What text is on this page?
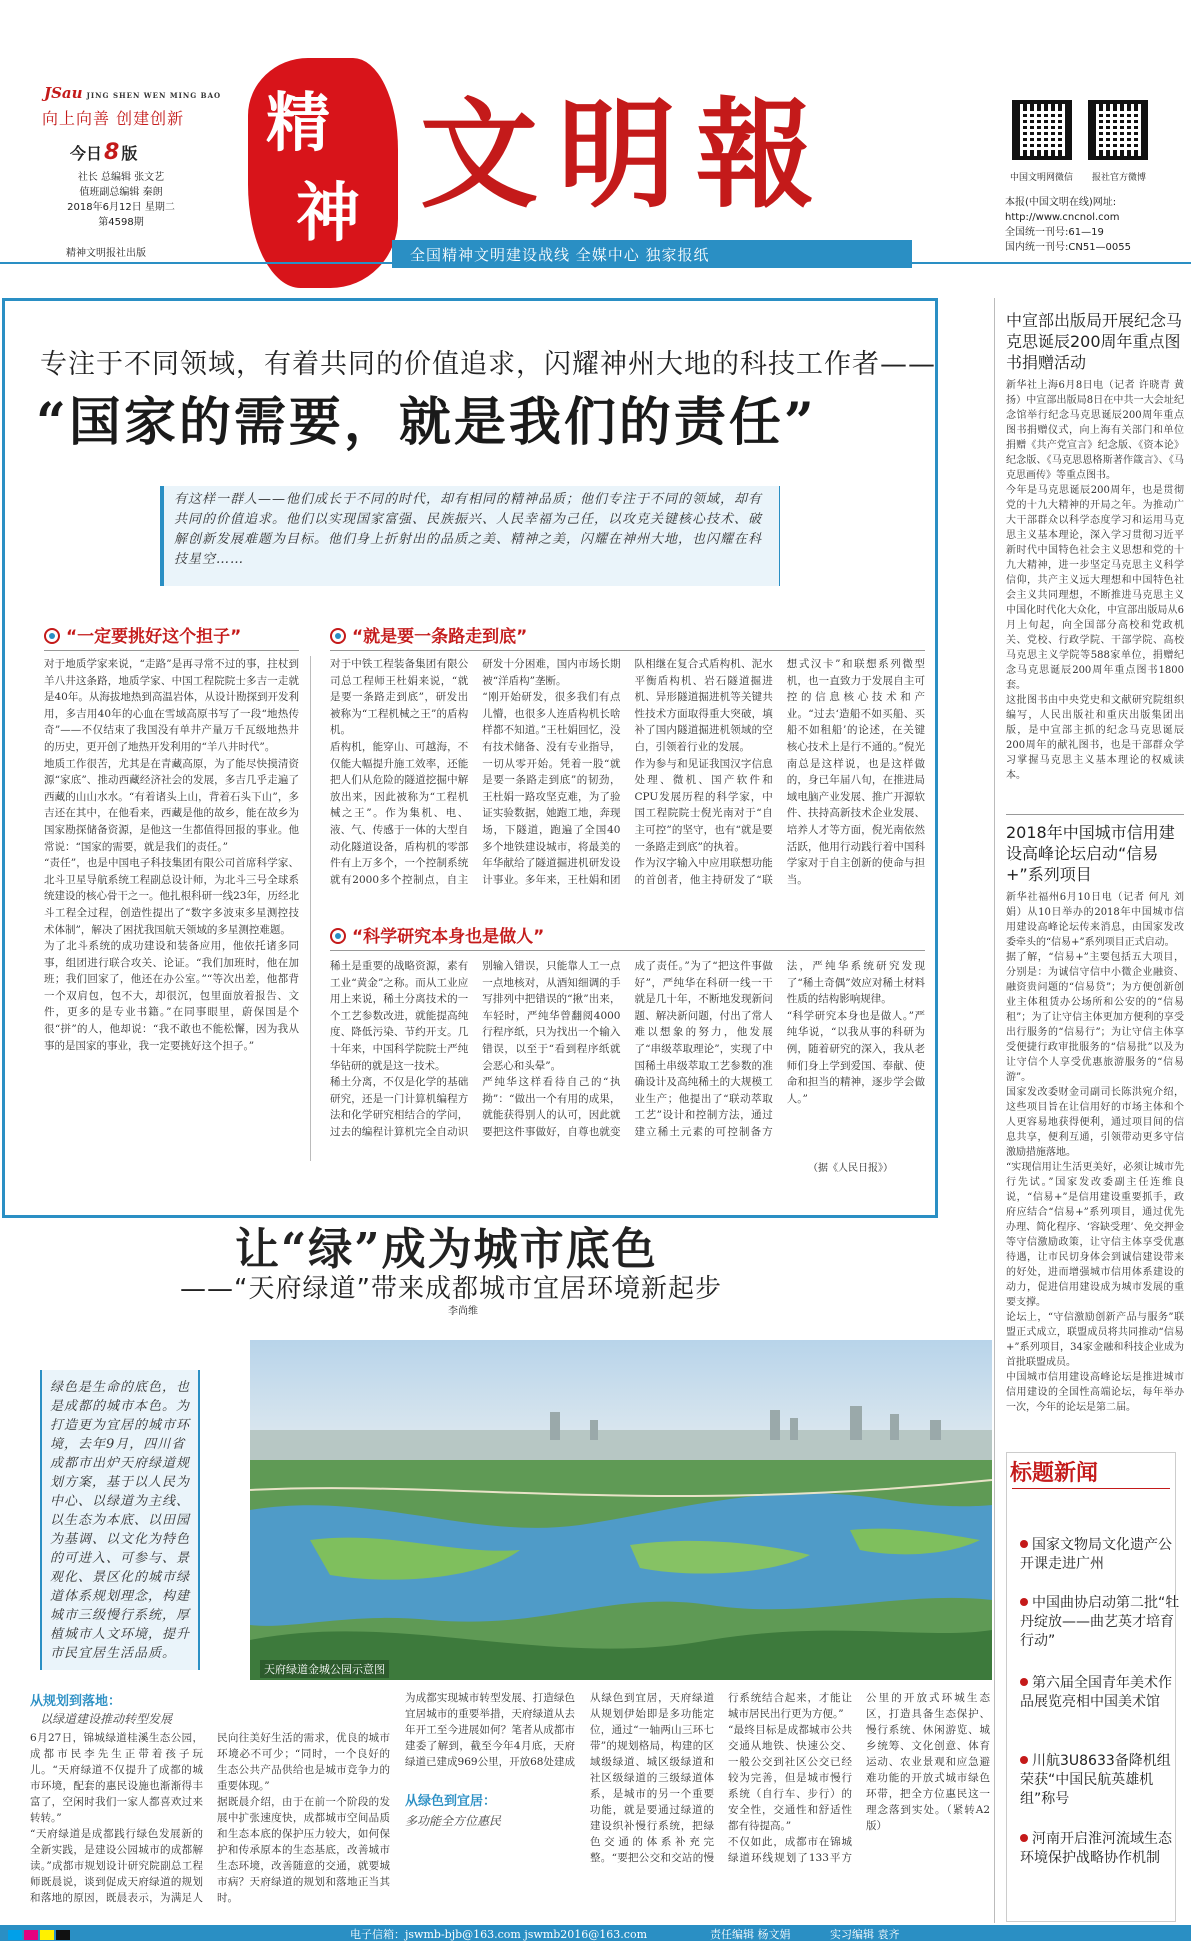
JSau JING SHEN WEN MING BAO
向上向善 创建创新
今日8 版
社长 总编辑 张文艺
值班副总编辑 秦朗
2018年6月12日 星期二
第4598期
精神文明报社出版
精
神 文明報
全国精神文明建设战线 全媒中心 独家报纸
中国文明网微信 报社官方微博
本报(中国文明在线)网址:
http://www.cncnol.com
全国统一刊号:61—19
国内统一刊号:CN51—0055
专注于不同领域，有着共同的价值追求，闪耀神州大地的科技工作者——
“国家的需要，就是我们的责任”
有这样一群人——他们成长于不同的时代，却有相同的精神品质；他们专注于不同的领域，却有共同的价值追求。他们以实现国家富强、民族振兴、人民幸福为己任，以攻克关键核心技术、破解创新发展难题为目标。他们身上折射出的品质之美、精神之美，闪耀在神州大地，也闪耀在科技星空……
“一定要挑好这个担子”	“就是要一条路走到底”
对于地质学家来说，“走路”是再寻常不过的事，拄杖到羊八井这条路，地质学家、中国工程院院士多吉一走就是40年。从海拔地热到高温岩体，从设计勘探到开发利用，多吉用40年的心血在雪域高原书写了一段“地热传奇”——不仅结束了我国没有单井产量万千瓦级地热井的历史，更开创了地热开发利用的“羊八井时代”。
地质工作很苦，尤其是在青藏高原，为了能尽快摸清资源“家底”、推动西藏经济社会的发展，多吉几乎走遍了西藏的山山水水。“有着诸头上山，背着石头下山”，多吉还在其中，在他看来，西藏是他的故乡，能在故乡为国家勘探储备资源，是他这一生都值得回报的事业。他常说：“国家的需要，就是我们的责任。”
“责任”，也是中国电子科技集团有限公司首席科学家、北斗卫星导航系统工程副总设计师，为北斗三号全球系统建设的核心骨干之一。他扎根科研一线23年，历经北斗工程全过程，创造性提出了“数字多波束多星测控技术体制”，解决了困扰我国航天领域的多星测控难题。
为了北斗系统的成功建设和装备应用，他依托诸多同事，组团进行联合攻关、论证。“我们加班时，他在加班；我们回家了，他还在办公室。”“等次出差，他都背一个双肩包，包不大，却很沉，包里面放着报告、文件，更多的是专业书籍。”在同事眼里，蔚保国是个很“拼”的人，他却说：“我不敢也不能松懈，因为我从事的是国家的事业，我一定要挑好这个担子。”
对于中铁工程装备集团有限公司总工程师王杜娟来说，“就是要一条路走到底”，研发出被称为“工程机械之王”的盾构机。
盾构机，能穿山、可越海，不仅能大幅提升施工效率，还能把人们从危险的隧道挖掘中解放出来，因此被称为“工程机械之王”。作为集机、电、液、气、传感于一体的大型自动化隧道设备，盾构机的零部件有上万多个，一个控制系统就有2000多个控制点，自主研发十分困难，国内市场长期被“洋盾构”垄断。
“刚开始研发，很多我们有点儿懵，也很多人连盾构机长啥样都不知道。”王杜娟回忆，没有技术储备、没有专业指导，一切从零开始。凭着一股“就是要一条路走到底”的韧劲，王杜娟一路攻坚克难，为了验证实验数据，她跑工地，奔现场，下隧道，跑遍了全国40多个地铁建设城市，将最美的年华献给了隧道掘进机研发设计事业。多年来，王杜娟和团队相继在复合式盾构机、泥水平衡盾构机、岩石隧道掘进机、异形隧道掘进机等关键共性技术方面取得重大突破，填补了国内隧道掘进机领域的空白，引领着行业的发展。
作为参与和见证我国汉字信息处理、微机、国产软件和CPU发展历程的科学家，中国工程院院士倪光南对于“自主可控”的坚守，也有“就是要一条路走到底”的执着。
作为汉字输入中应用联想功能的首创者，他主持研发了“联想式汉卡”和联想系列微型机，也一直致力于发展自主可控的信息核心技术和产业。“过去‘造船不如买船、买船不如租船’的论述，在关键核心技术上是行不通的。”倪光南总是这样说，也是这样做的，身已年届八旬，在推进局域电脑产业发展、推广开源软件、扶持高新技术企业发展、培养人才等方面，倪光南依然活跃，他用行动践行着中国科学家对于自主创新的使命与担当。
“科学研究本身也是做人”
稀土是重要的战略资源，素有工业“黄金”之称。而从工业应用上来说，稀土分离技术的一个工艺参数改进，就能提高纯度、降低污染、节约开支。几十年来，中国科学院院士严纯华钻研的就是这一技术。
稀土分离，不仅是化学的基础研究，还是一门计算机编程方法和化学研究相结合的学问，过去的编程计算机完全自动识别输入错误，只能靠人工一点一点地核对，从酒知细调的手写排列中把错误的“揪”出来，车轻时，严纯华曾翻阅4000行程序纸，只为找出一个输入错误，以至于“看到程序纸就会恶心和头晕”。
严纯华这样看待自己的“执拗”：“做出一个有用的成果，就能获得别人的认可，因此就要把这件事做好，自尊也就变成了责任。”为了“把这件事做好”，严纯华在科研一线一干就是几十年，不断地发现新问题、解决新问题，付出了常人难以想象的努力，他发展了“串级萃取理论”，实现了中国稀土串级萃取工艺参数的准确设计及高纯稀土的大规模工业生产；他提出了“联动萃取工艺”设计和控制方法，通过建立稀土元素的可控制备方法，严纯华系统研究发现了“稀土奇偶”效应对稀土材料性质的结构影响规律。
“科学研究本身也是做人。”严纯华说，“以我从事的科研为例，随着研究的深入，我从老师们身上学到爱国、奉献、使命和担当的精神，逐步学会做人。”
（据《人民日报》）
中宣部出版局开展纪念马克思诞辰200周年重点图书捐赠活动
新华社上海6月8日电（记者 许晓青 黄扬）中宣部出版局8日在中共一大会址纪念馆举行纪念马克思诞辰200周年重点图书捐赠仪式，向上海有关部门和单位捐赠《共产党宣言》纪念版、《资本论》纪念版、《马克思恩格斯著作箴言》、《马克思画传》等重点图书。
今年是马克思诞辰200周年，也是贯彻党的十九大精神的开局之年。为推动广大干部群众以科学态度学习和运用马克思主义基本理论，深入学习贯彻习近平新时代中国特色社会主义思想和党的十九大精神，进一步坚定马克思主义科学信仰，共产主义远大理想和中国特色社会主义共同理想，不断推进马克思主义中国化时代化大众化，中宣部出版局从6月上旬起，向全国部分高校和党政机关、党校、行政学院、干部学院、高校马克思主义学院等588家单位，捐赠纪念马克思诞辰200周年重点图书1800套。
这批图书由中央党史和文献研究院组织编写，人民出版社和重庆出版集团出版，是中宣部主抓的纪念马克思诞辰200周年的献礼图书，也是干部群众学习掌握马克思主义基本理论的权威读本。
2018年中国城市信用建设高峰论坛启动“信易+”系列项目
新华社福州6月10日电（记者 何凡 刘娟）从10日举办的2018年中国城市信用建设高峰论坛传来消息，由国家发改委牵头的“信易+”系列项目正式启动。
据了解，“信易+”主要包括五大项目，分别是：为诚信守信中小微企业融资、融资贵问题的“信易贷”；为方便创新创业主体租赁办公场所和公安的的“信易租”；为了让守信主体更加方便利的享受出行服务的“信易行”；为让守信主体享受便捷行政审批服务的“信易批”以及为让守信个人享受优惠旅游服务的“信易游”。
国家发改委财金司副司长陈洪宛介绍，这些项目旨在让信用好的市场主体和个人更容易地获得便利，通过项目间的信息共享，便利互通，引领带动更多守信激励措施落地。
“实现信用让生活更美好，必须让城市先行先试。”国家发改委副主任连维良说，“信易+”是信用建设重要抓手，政府应结合“信易+”系列项目，通过优先办理、简化程序、‘容缺受理’、免交押金等守信激励政策，让守信主体享受优惠待遇，让市民切身体会到诚信建设带来的好处，进而增强城市信用体系建设的动力，促进信用建设成为城市发展的重要支撑。
论坛上，“守信激励创新产品与服务”联盟正式成立，联盟成员将共同推动“信易+”系列项目，34家金融和科技企业成为首批联盟成员。
中国城市信用建设高峰论坛是推进城市信用建设的全国性高端论坛，每年举办一次，今年的论坛是第二届。
标题新闻
国家文物局文化遗产公开课走进广州
中国曲协启动第二批“牡丹绽放——曲艺英才培育行动”
第六届全国青年美术作品展览亮相中国美术馆
川航3U8633备降机组荣获“中国民航英雄机组”称号
河南开启淮河流域生态环境保护战略协作机制
让“绿”成为城市底色
——“天府绿道”带来成都城市宜居环境新起步
李尚维
绿色是生命的底色，也是成都的城市本色。为打造更为宜居的城市环境，去年9月，四川省成都市出炉天府绿道规划方案，基于以人民为中心、以绿道为主线、以生态为本底、以田园为基调、以文化为特色的可进入、可参与、景观化、景区化的城市绿道体系规划理念，构建城市三级慢行系统，厚植城市人文环境，提升市民宜居生活品质。
天府绿道金城公园示意图
从规划到落地：
以绿道建设推动转型发展
6月27日，锦城绿道桂溪生态公园，成都市民李先生正带着孩子玩儿。“天府绿道不仅提升了成都的城市环境，配套的惠民设施也渐渐得丰富了，空闲时我们一家人都喜欢过来转转。”
“天府绿道是成都践行绿色发展新的全新实践，是建设公园城市的成都解读。”成都市规划设计研究院副总工程师既晨说，谈到促成天府绿道的规划和落地的原因，既晨表示，为满足人民向往美好生活的需求，优良的城市环境必不可少；“同时，一个良好的生态公共产品供给也是城市竞争力的重要体现。”
据既晨介绍，由于在前一个阶段的发展中扩张速度快，成都城市空间品质和生态本底的保护压力较大，如何保护和传承原本的生态基底，改善城市生态环境，改善随意的交通，就要城市病？天府绿道的规划和落地正当其时。
为成都实现城市转型发展、打造绿色宜居城市的重要举措，天府绿道从去年开工至今进展如何？笔者从成都市建委了解到，截至今年4月底，天府绿道已建成969公里，开放68处建成
从绿色到宜居：
多功能全方位惠民
从绿色到宜居，天府绿道从规划伊始即是多功能定位，通过“一轴两山三环七带”的规划格局，构建的区域级绿道、城区级绿道和社区级绿道的三级绿道体系，是城市的另一个重要功能，就是要通过绿道的建设织补慢行系统，把绿色交通的体系补充完整。“要把公交和交站的慢行系统结合起来，才能让城市居民出行更为方便。”
“最终目标是成都城市公共交通从地铁、快速公交、一般公交到社区公交已经较为完善，但是城市慢行系统（自行车、步行）的安全性，交通性和舒适性都有待提高。”
不仅如此，成都市在锦城绿道环线规划了133平方公里的开放式环城生态区，打造具备生态保护、慢行系统、休闲游览、城乡统筹、文化创意、体育运动、农业景观和应急避难功能的开放式城市绿色环带，把全方位惠民这一理念落到实处。（紧转A2版）
电子信箱：jswmb-bjb@163.com jswmb2016@163.com	责任编辑 杨文娟	实习编辑 袁齐
